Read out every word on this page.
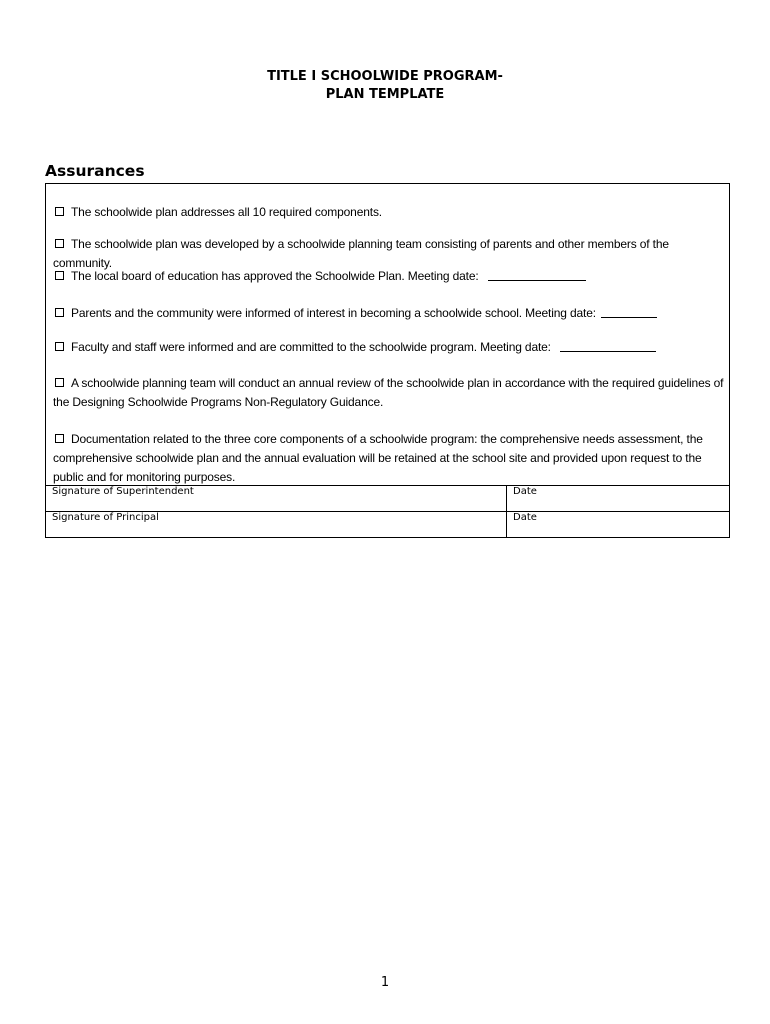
TITLE I SCHOOLWIDE PROGRAM-
PLAN TEMPLATE
Assurances
The schoolwide plan addresses all 10 required components.
The schoolwide plan was developed by a schoolwide planning team consisting of parents and other members of the community.
The local board of education has approved the Schoolwide Plan. Meeting date:
Parents and the community were informed of interest in becoming a schoolwide school. Meeting date:
Faculty and staff were informed and are committed to the schoolwide program. Meeting date:
A schoolwide planning team will conduct an annual review of the schoolwide plan in accordance with the required guidelines of the Designing Schoolwide Programs Non-Regulatory Guidance.
Documentation related to the three core components of a schoolwide program: the comprehensive needs assessment, the comprehensive schoolwide plan and the annual evaluation will be retained at the school site and provided upon request to the public and for monitoring purposes.
Signature of Superintendent	Date
Signature of Principal	Date
1
